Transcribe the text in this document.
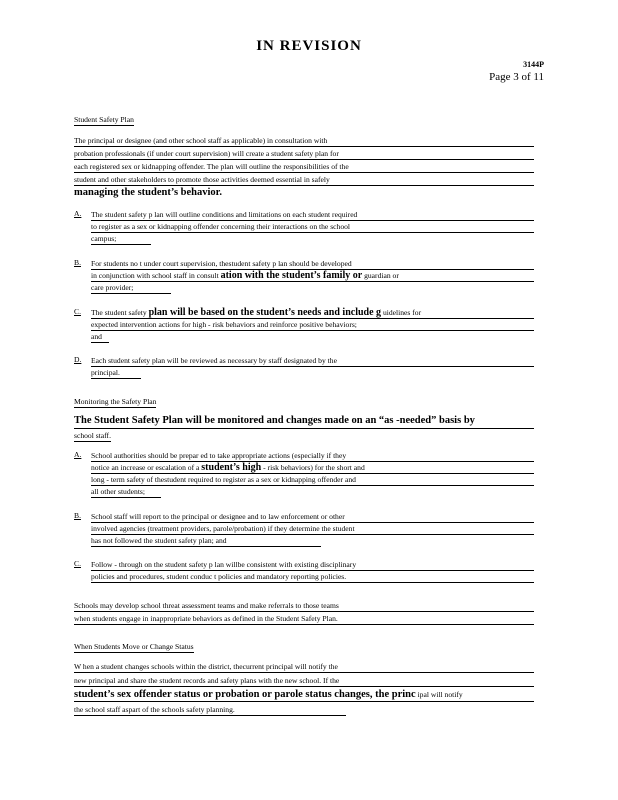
IN REVISION
3144P
Page 3 of 11
Student Safety Plan
The principal or designee (and other school staff as applicable) in consultation with
probation professionals (if under court supervision) will create a student safety plan for
each registered sex or kidnapping offender. The plan will outline the responsibilities of the
student and other stakeholders to promote those activities deemed essential in safely
managing the student’s behavior.
A.	The student safety p lan will outline conditions and limitations on each student required
to register as a sex or kidnapping offender concerning their interactions on the school
campus;
B.	For students no t under court supervision, thestudent safety p lan should be developed
in conjunction with school staff in consult ation with the student’s family or guardian or
care provider;
C.	The student safety plan will be based on the student’s needs and include g uidelines for
expected intervention actions for high - risk behaviors and reinforce positive behaviors;
and
D.	Each student safety plan will be reviewed as necessary by staff designated by the
principal.
Monitoring the Safety Plan
The Student Safety Plan will be monitored and changes made on an “as -needed” basis by
school staff.
A.	School authorities should be prepar ed to take appropriate actions (especially if they
notice an increase or escalation of a student’s high - risk behaviors) for the short and
long - term safety of thestudent required to register as a sex or kidnapping offender and
all other students;
B.	School staff will report to the principal or designee and to law enforcement or other
involved agencies (treatment providers, parole/probation) if they determine the student
has not followed the student safety plan; and
C.	Follow - through on the student safety p lan willbe consistent with existing disciplinary
policies and procedures, student conduc t policies and mandatory reporting policies.
Schools may develop school threat assessment teams and make referrals to those teams
when students engage in inappropriate behaviors as defined in the Student Safety Plan.
When Students Move or Change Status
W hen a student changes schools within the district, thecurrent principal will notify the
new principal and share the student records and safety plans with the new school. If the
student’s sex offender status or probation or parole status changes, the princ ipal will notify
the school staff aspart of the schools safety planning.
